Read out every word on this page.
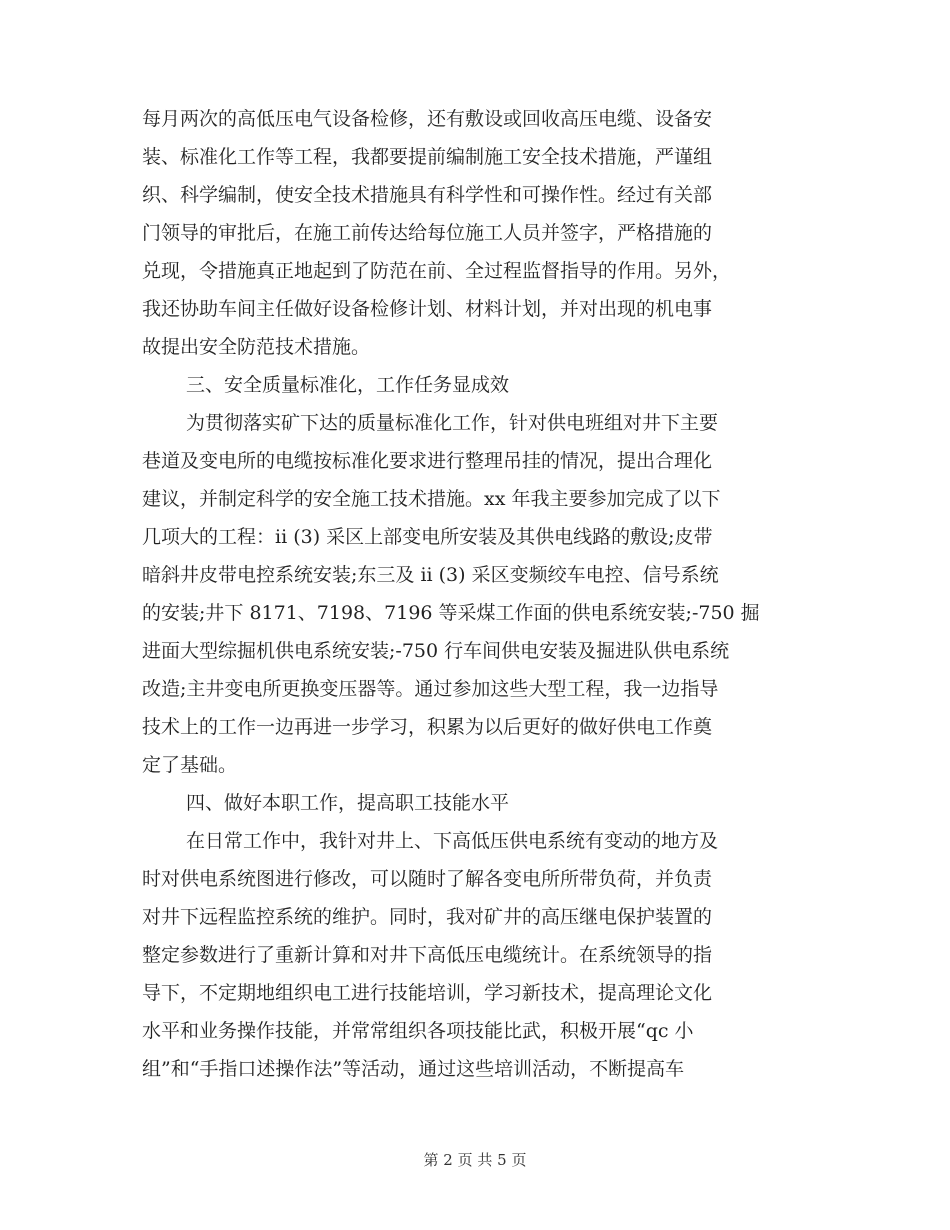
每月两次的高低压电气设备检修，还有敷设或回收高压电缆、设备安
装、标准化工作等工程，我都要提前编制施工安全技术措施，严谨组
织、科学编制，使安全技术措施具有科学性和可操作性。经过有关部
门领导的审批后，在施工前传达给每位施工人员并签字，严格措施的
兑现，令措施真正地起到了防范在前、全过程监督指导的作用。另外，
我还协助车间主任做好设备检修计划、材料计划，并对出现的机电事
故提出安全防范技术措施。
三、安全质量标准化，工作任务显成效
为贯彻落实矿下达的质量标准化工作，针对供电班组对井下主要
巷道及变电所的电缆按标准化要求进行整理吊挂的情况，提出合理化
建议，并制定科学的安全施工技术措施。xx 年我主要参加完成了以下
几项大的工程：ii (3) 采区上部变电所安装及其供电线路的敷设;皮带
暗斜井皮带电控系统安装;东三及 ii (3) 采区变频绞车电控、信号系统
的安装;井下 8171、7198、7196 等采煤工作面的供电系统安装;-750 掘
进面大型综掘机供电系统安装;-750 行车间供电安装及掘进队供电系统
改造;主井变电所更换变压器等。通过参加这些大型工程，我一边指导
技术上的工作一边再进一步学习，积累为以后更好的做好供电工作奠
定了基础。
四、做好本职工作，提高职工技能水平
在日常工作中，我针对井上、下高低压供电系统有变动的地方及
时对供电系统图进行修改，可以随时了解各变电所所带负荷，并负责
对井下远程监控系统的维护。同时，我对矿井的高压继电保护装置的
整定参数进行了重新计算和对井下高低压电缆统计。在系统领导的指
导下，不定期地组织电工进行技能培训，学习新技术，提高理论文化
水平和业务操作技能，并常常组织各项技能比武，积极开展“qc 小
组”和“手指口述操作法”等活动，通过这些培训活动，不断提高车
第 2 页 共 5 页
